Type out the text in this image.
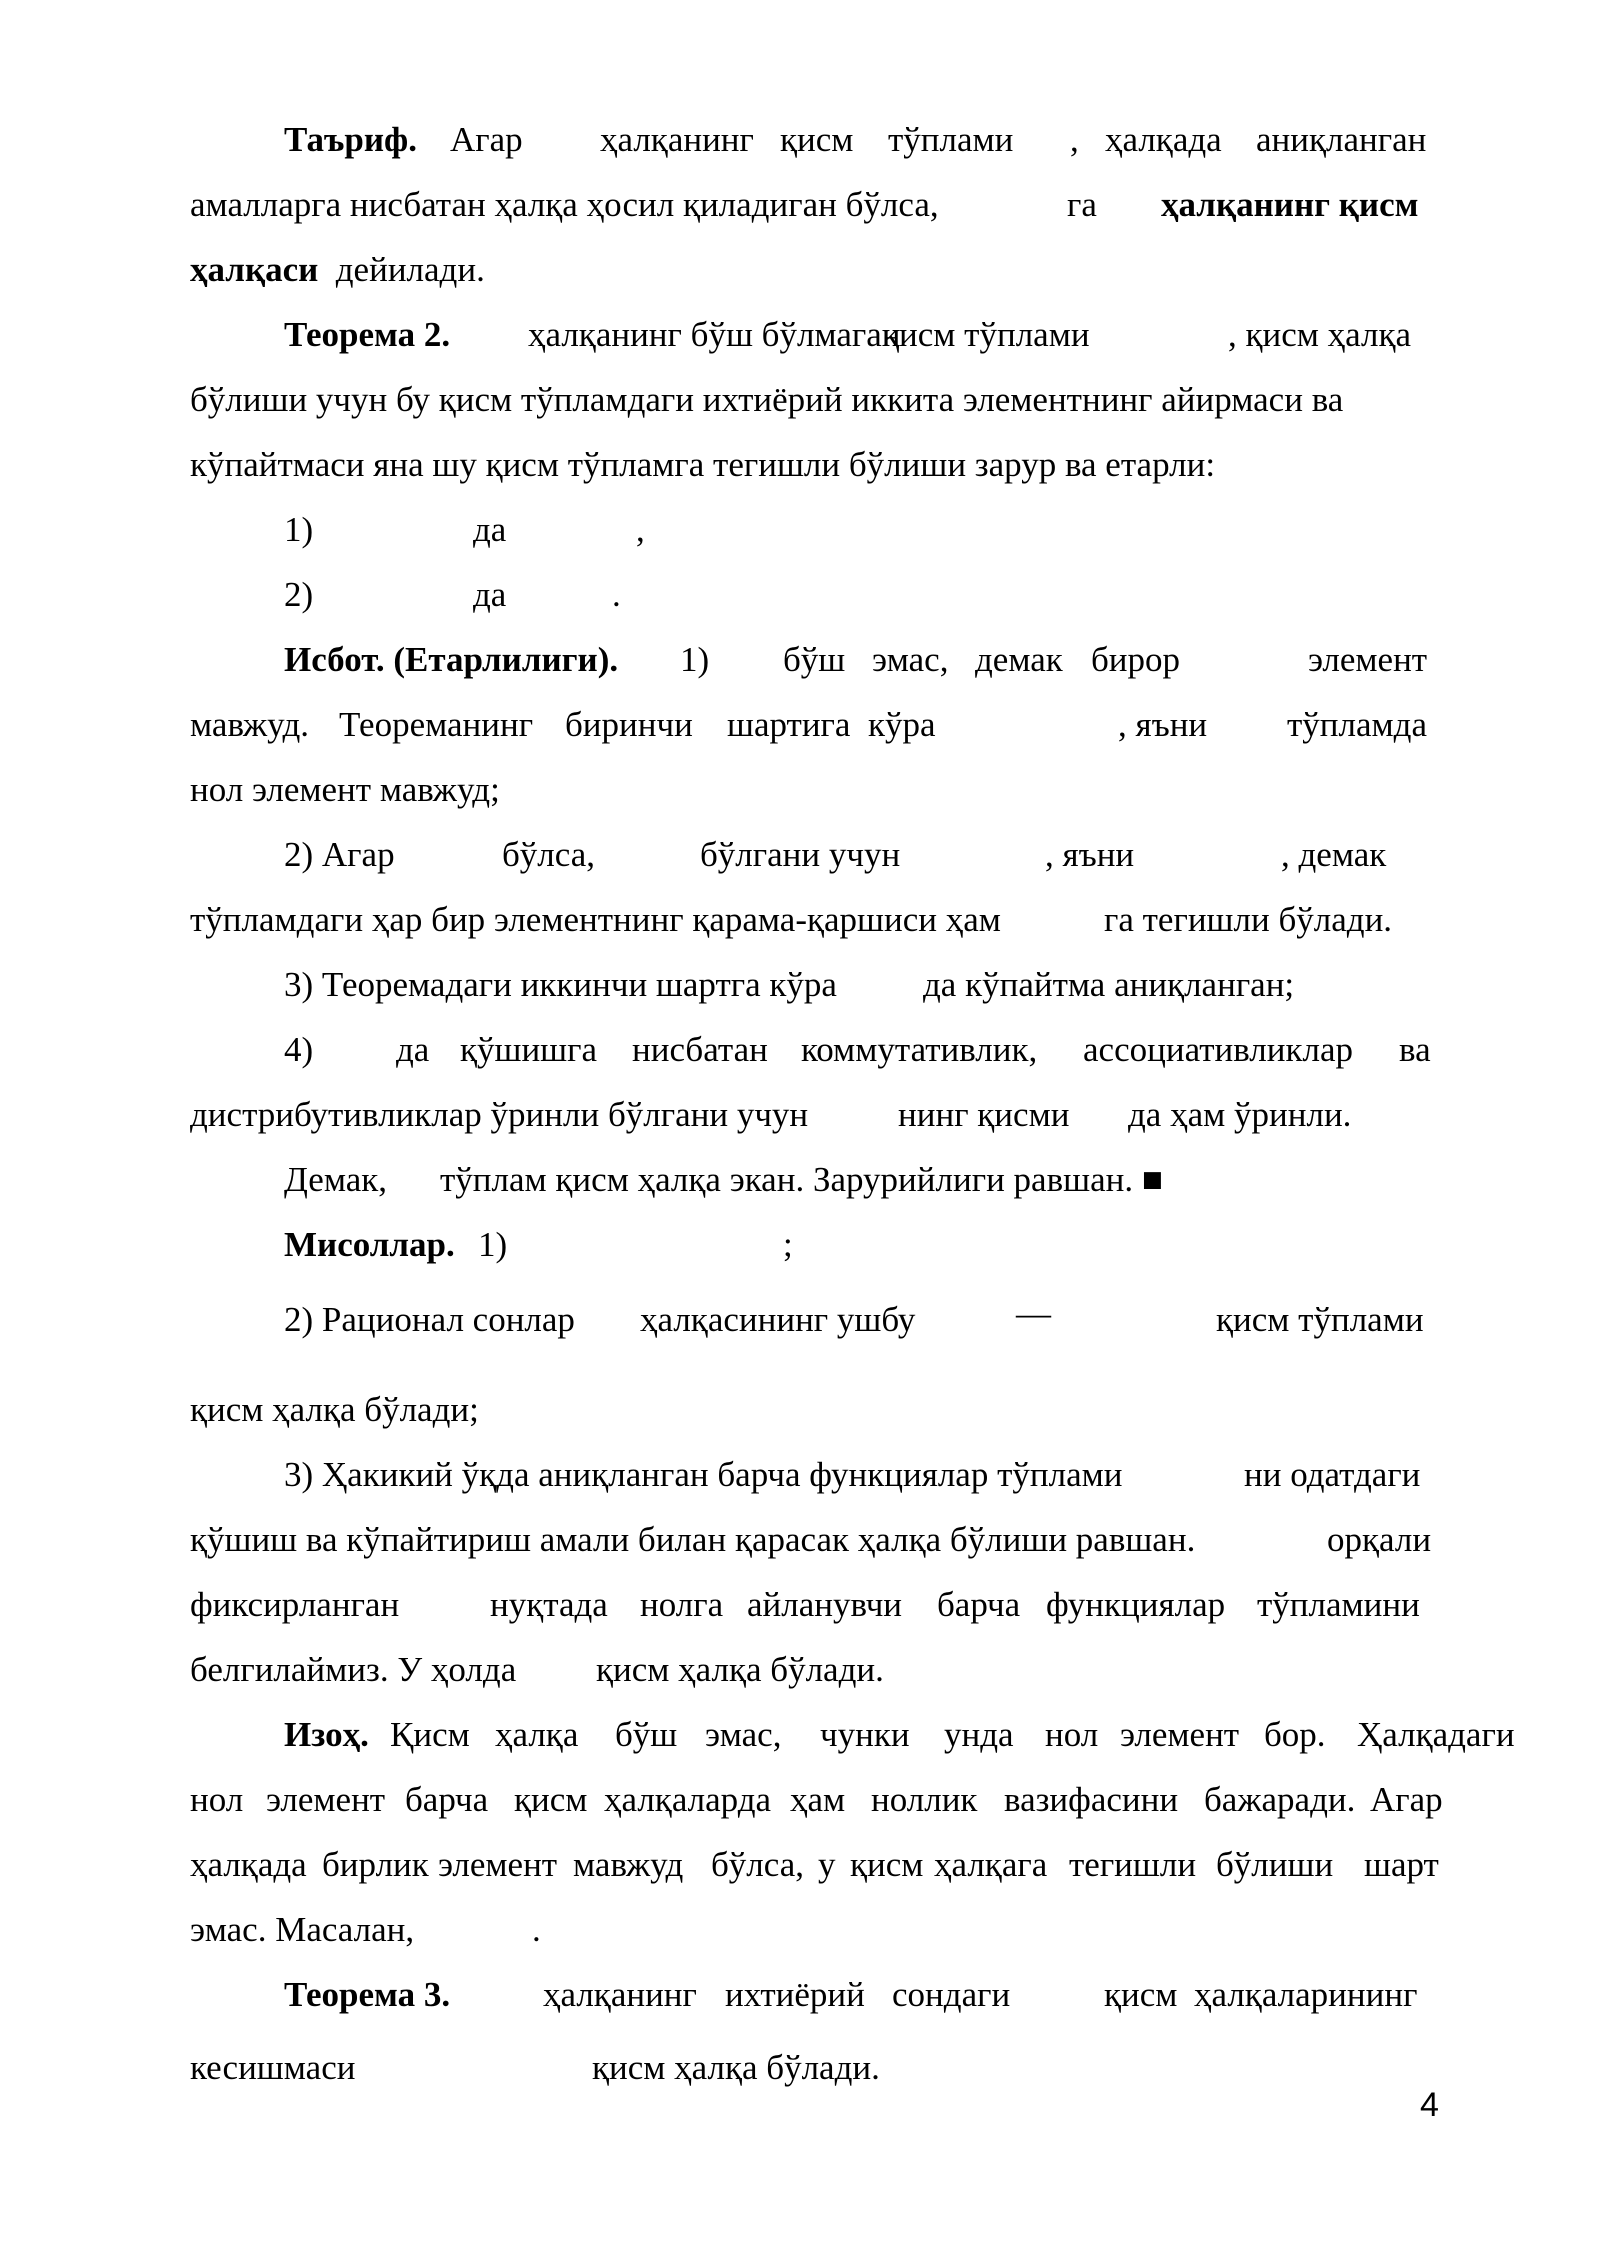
Таъриф. Агар ҳалқанинг қисм тўплами , ҳалқада аниқланган
амалларга нисбатан ҳалқа ҳосил қиладиган бўлса,	га ҳалқанинг қисм
ҳалқаси дейилади.
Теорема 2. ҳалқанинг бўш бўлмаган
қисм тўплами	, қисм ҳалқа
бўлиши учун бу қисм тўпламдаги ихтиёрий иккита элементнинг айирмаси ва
кўпайтмаси яна шу қисм тўпламга тегишли бўлиши зарур ва етарли:
1)	да	,
2)	да	.
Исбот. (Етарлилиги). 1) бўш эмас, демак бирор	элемент
мавжуд. Теореманинг биринчи шартига кўра	, яъни тўпламда
нол элемент мавжуд;
2) Агар	бўлса,	бўлгани учун	, яъни	, демак
тўпламдаги ҳар бир элементнинг қарама-қаршиси ҳам	га тегишли бўлади.
3) Теоремадаги иккинчи шартга кўра да кўпайтма аниқланган;
4) да қўшишга нисбатан коммутативлик, ассоциативликлар ва
дистрибутивликлар ўринли бўлгани учун	нинг қисми да ҳам ўринли.
Демак, тўплам қисм ҳалқа экан. Зарурийлиги равшан. ■
Мисоллар. 1)	;
2) Рационал сонлар ҳалқасининг ушбу	—	қисм тўплами
қисм ҳалқа бўлади;
3) Ҳакикий ўқда аниқланган барча функциялар тўплами	ни одатдаги
қўшиш ва кўпайтириш амали билан қарасак ҳалқа бўлиши равшан.	орқали
фиксирланган	нуқтада нолга айланувчи барча функциялар тўпламини
белгилаймиз. У ҳолда қисм ҳалқа бўлади.
Изоҳ. Қисм ҳалқа бўш эмас, чунки унда нол элемент бор. Ҳалқадаги
нол элемент барча қисм ҳалқаларда ҳам ноллик вазифасини бажаради. Агар
ҳалқада бирлик элемент мавжуд бўлса, у қисм ҳалқага тегишли бўлиши шарт
эмас. Масалан,	.
Теорема 3.	ҳалқанинг ихтиёрий сондаги	қисм ҳалқаларининг
кесишмаси	қисм ҳалқа бўлади.
4
